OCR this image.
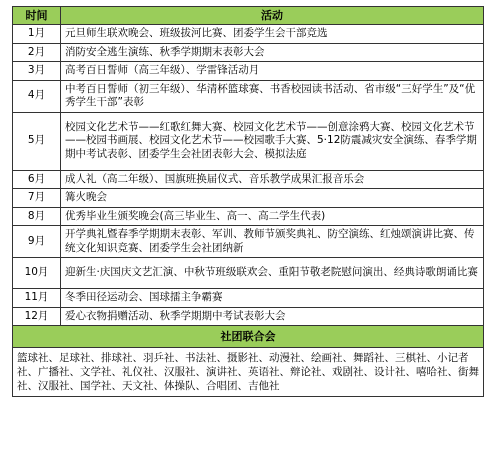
时间	活动
1月	元旦师生联欢晚会、班级拔河比赛、团委学生会干部竞选
2月	消防安全逃生演练、秋季学期期末表彰大会
3月	高考百日誓师（高三年级）、学雷锋活动月
4月	中考百日誓师（初三年级）、华清杯篮球赛、书香校园读书活动、省市级“三好学生”及“优秀学生干部”表彰
5月	校园文化艺术节——红歌红舞大赛、校园文化艺术节——创意涂鸦大赛、校园文化艺术节——校园书画展、校园文化艺术节——校园歌手大赛、5·12防震减灾安全演练、春季学期期中考试表彰、团委学生会社团表彰大会、模拟法庭
6月	成人礼（高二年级）、国旗班换届仪式、音乐教学成果汇报音乐会
7月	篝火晚会
8月	优秀毕业生颁奖晚会(高三毕业生、高一、高二学生代表)
9月	开学典礼暨春季学期期末表彰、军训、教师节颁奖典礼、防空演练、红烛颂演讲比赛、传统文化知识竞赛、团委学生会社团纳新
10月	迎新生·庆国庆文艺汇演、中秋节班级联欢会、重阳节敬老院慰问演出、经典诗歌朗诵比赛
11月	冬季田径运动会、国球擂主争霸赛
12月	爱心衣物捐赠活动、秋季学期期中考试表彰大会
社团联合会	
篮球社、足球社、排球社、羽乒社、书法社、摄影社、动漫社、绘画社、舞蹈社、三棋社、小记者社、广播社、文学社、礼仪社、汉服社、演讲社、英语社、辩论社、戏剧社、设计社、嘻哈社、街舞社、汉服社、国学社、天文社、体操队、合唱团、吉他社	
